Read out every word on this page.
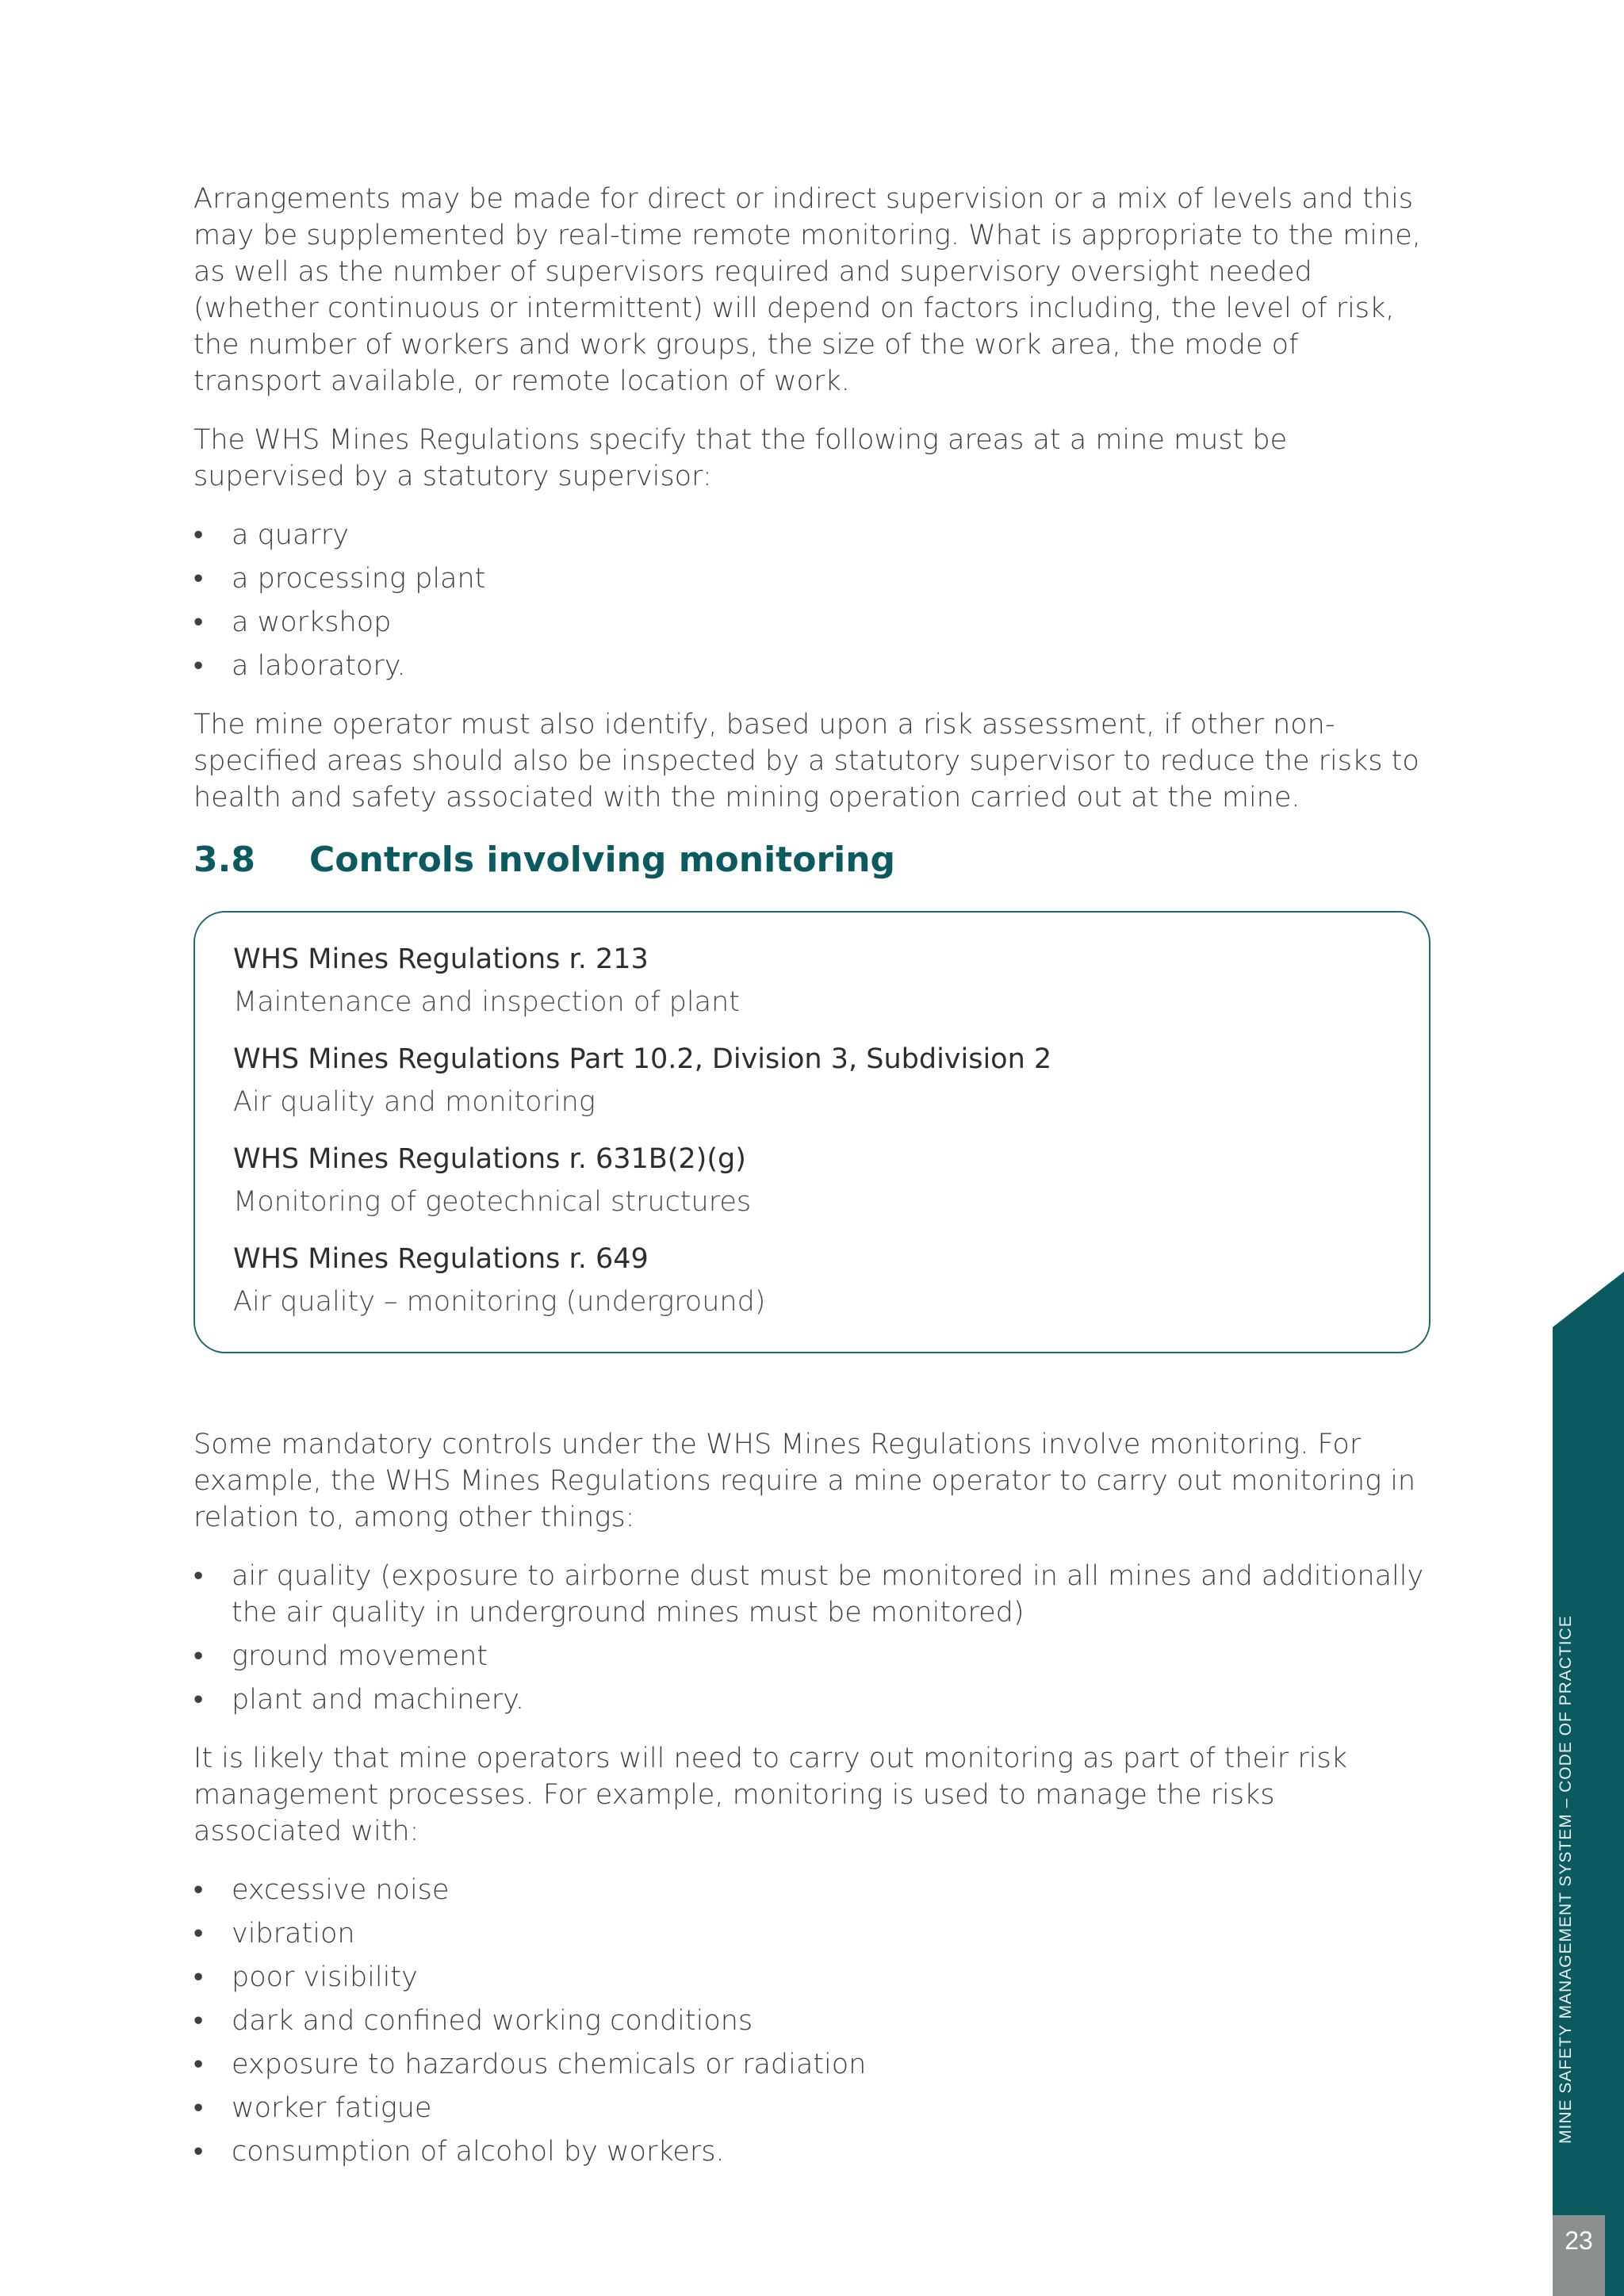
Arrangements may be made for direct or indirect supervision or a mix of levels and this may be supplemented by real-time remote monitoring. What is appropriate to the mine, as well as the number of supervisors required and supervisory oversight needed (whether continuous or intermittent) will depend on factors including, the level of risk, the number of workers and work groups, the size of the work area, the mode of transport available, or remote location of work.

The WHS Mines Regulations specify that the following areas at a mine must be supervised by a statutory supervisor:

•	a quarry
•	a processing plant
•	a workshop
•	a laboratory.

The mine operator must also identify, based upon a risk assessment, if other non-specified areas should also be inspected by a statutory supervisor to reduce the risks to health and safety associated with the mining operation carried out at the mine.

3.8	Controls involving monitoring
WHS Mines Regulations r. 213
Maintenance and inspection of plant
WHS Mines Regulations Part 10.2, Division 3, Subdivision 2
Air quality and monitoring
WHS Mines Regulations r. 631B(2)(g)
Monitoring of geotechnical structures
WHS Mines Regulations r. 649
Air quality – monitoring (underground)

Some mandatory controls under the WHS Mines Regulations involve monitoring. For example, the WHS Mines Regulations require a mine operator to carry out monitoring in relation to, among other things:

•	air quality (exposure to airborne dust must be monitored in all mines and additionally the air quality in underground mines must be monitored)
•	ground movement
•	plant and machinery.

It is likely that mine operators will need to carry out monitoring as part of their risk management processes. For example, monitoring is used to manage the risks associated with:

•	excessive noise
•	vibration
•	poor visibility
•	dark and confined working conditions
•	exposure to hazardous chemicals or radiation
•	worker fatigue
•	consumption of alcohol by workers.
23
